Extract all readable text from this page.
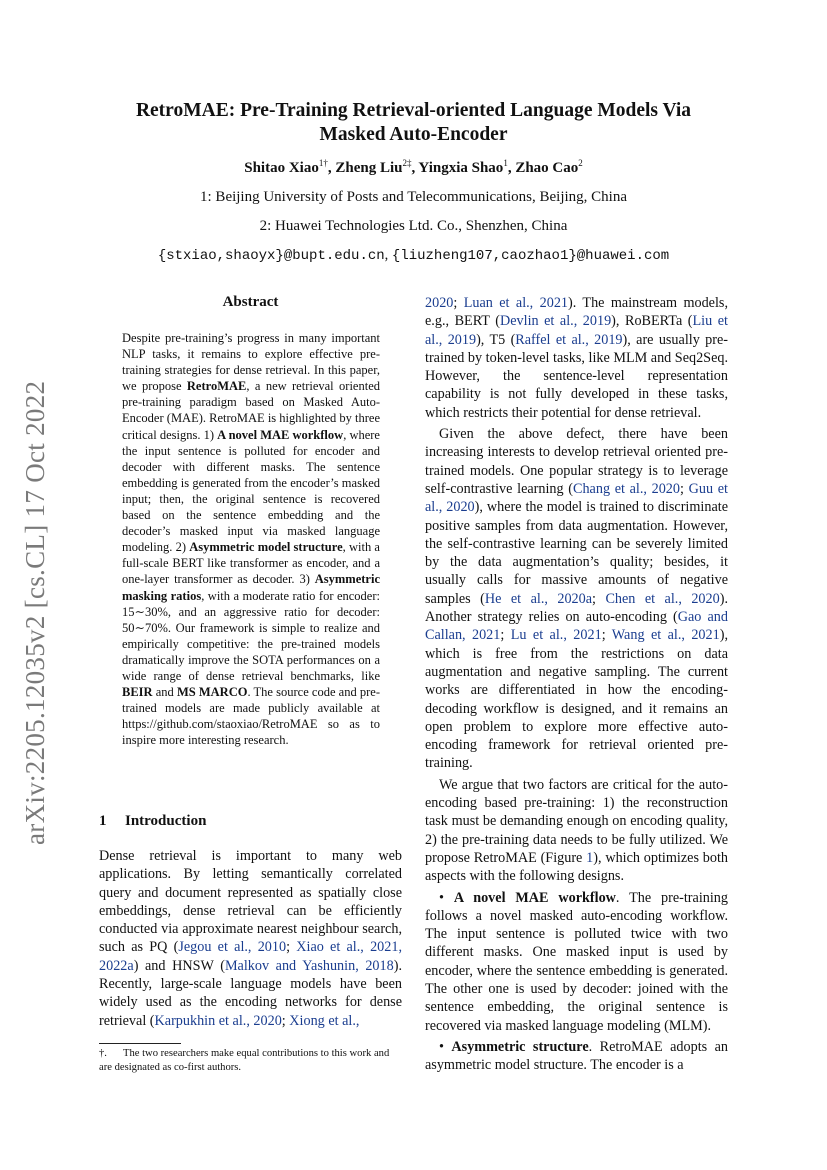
RetroMAE: Pre-Training Retrieval-oriented Language Models Via
Masked Auto-Encoder
Shitao Xiao$^{1\dagger}$, Zheng Liu$^{2\ddagger}$, Yingxia Shao$^1$, Zhao Cao$^2$
1: Beijing University of Posts and Telecommunications, Beijing, China
2: Huawei Technologies Ltd. Co., Shenzhen, China
{stxiao,shaoyx}@bupt.edu.cn, {liuzheng107,caozhao1}@huawei.com
arXiv:2205.12035v2 [cs.CL] 17 Oct 2022
Abstract
Despite pre-training’s progress in many important NLP tasks, it remains to explore effective pre-training strategies for dense retrieval. In this paper, we propose RetroMAE, a new retrieval oriented pre-training paradigm based on Masked Auto-Encoder (MAE). RetroMAE is highlighted by three critical designs. 1) A novel MAE workflow, where the input sentence is polluted for encoder and decoder with different masks. The sentence embedding is generated from the encoder’s masked input; then, the original sentence is recovered based on the sentence embedding and the decoder’s masked input via masked language modeling. 2) Asymmetric model structure, with a full-scale BERT like transformer as encoder, and a one-layer transformer as decoder. 3) Asymmetric masking ratios, with a moderate ratio for encoder: 15∼30%, and an aggressive ratio for decoder: 50∼70%. Our framework is simple to realize and empirically competitive: the pre-trained models dramatically improve the SOTA performances on a wide range of dense retrieval benchmarks, like BEIR and MS MARCO. The source code and pre-trained models are made publicly available at https://github.com/staoxiao/RetroMAE so as to inspire more interesting research.
1 Introduction

Dense retrieval is important to many web applications. By letting semantically correlated query and document represented as spatially close embeddings, dense retrieval can be efficiently conducted via approximate nearest neighbour search, such as PQ (Jegou et al., 2010; Xiao et al., 2021, 2022a) and HNSW (Malkov and Yashunin, 2018). Recently, large-scale language models have been widely used as the encoding networks for dense retrieval (Karpukhin et al., 2020; Xiong et al.,

2020; Luan et al., 2021). The mainstream models, e.g., BERT (Devlin et al., 2019), RoBERTa (Liu et al., 2019), T5 (Raffel et al., 2019), are usually pre-trained by token-level tasks, like MLM and Seq2Seq. However, the sentence-level representation capability is not fully developed in these tasks, which restricts their potential for dense retrieval.

Given the above defect, there have been increasing interests to develop retrieval oriented pre-trained models. One popular strategy is to leverage self-contrastive learning (Chang et al., 2020; Guu et al., 2020), where the model is trained to discriminate positive samples from data augmentation. However, the self-contrastive learning can be severely limited by the data augmentation’s quality; besides, it usually calls for massive amounts of negative samples (He et al., 2020a; Chen et al., 2020). Another strategy relies on auto-encoding (Gao and Callan, 2021; Lu et al., 2021; Wang et al., 2021), which is free from the restrictions on data augmentation and negative sampling. The current works are differentiated in how the encoding-decoding workflow is designed, and it remains an open problem to explore more effective auto-encoding framework for retrieval oriented pre-training.

We argue that two factors are critical for the auto-encoding based pre-training: 1) the reconstruction task must be demanding enough on encoding quality, 2) the pre-training data needs to be fully utilized. We propose RetroMAE (Figure 1), which optimizes both aspects with the following designs.

• A novel MAE workflow. The pre-training follows a novel masked auto-encoding workflow. The input sentence is polluted twice with two different masks. One masked input is used by encoder, where the sentence embedding is generated. The other one is used by decoder: joined with the sentence embedding, the original sentence is recovered via masked language modeling (MLM).

• Asymmetric structure. RetroMAE adopts an asymmetric model structure. The encoder is a

†. The two researchers make equal contributions to this work and are designated as co-first authors.
